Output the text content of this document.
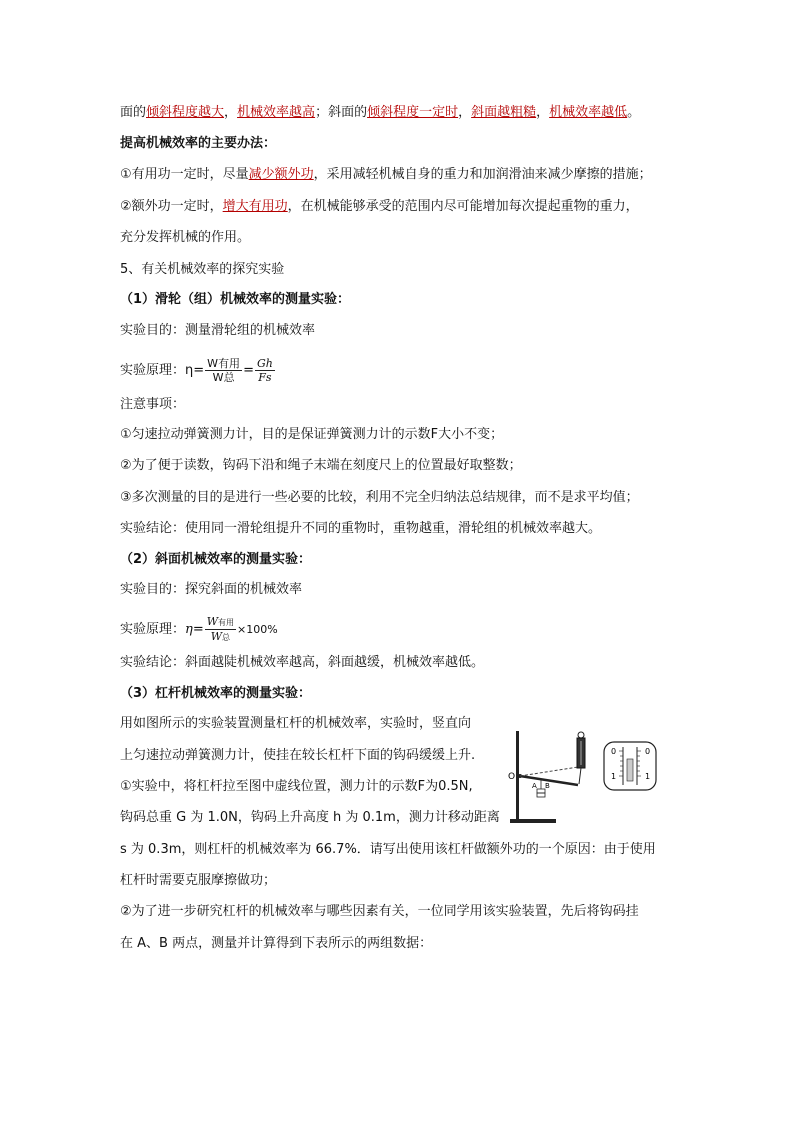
面的倾斜程度越大，机械效率越高；斜面的倾斜程度一定时，斜面越粗糙，机械效率越低。
提高机械效率的主要办法：
①有用功一定时，尽量减少额外功，采用减轻机械自身的重力和加润滑油来减少摩擦的措施；
②额外功一定时，增大有用功，在机械能够承受的范围内尽可能增加每次提起重物的重力，
充分发挥机械的作用。
5、有关机械效率的探究实验
（1）滑轮（组）机械效率的测量实验：
实验目的：测量滑轮组的机械效率
实验原理：$\eta= \frac{\text{W有用}}{\text{W总}} = \frac{Gh}{Fs}$
注意事项：
①匀速拉动弹簧测力计，目的是保证弹簧测力计的示数F大小不变；
②为了便于读数，钩码下沿和绳子末端在刻度尺上的位置最好取整数；
③多次测量的目的是进行一些必要的比较，利用不完全归纳法总结规律，而不是求平均值；
实验结论：使用同一滑轮组提升不同的重物时，重物越重，滑轮组的机械效率越大。
（2）斜面机械效率的测量实验：
实验目的：探究斜面的机械效率
实验原理：$\eta= \frac{\text{W有用}}{\text{W总}} \times 100\%$
实验结论：斜面越陡机械效率越高，斜面越缓，机械效率越低。
（3）杠杆机械效率的测量实验：
用如图所示的实验装置测量杠杆的机械效率，实验时，竖直向
上匀速拉动弹簧测力计，使挂在较长杠杆下面的钩码缓缓上升.
①实验中，将杠杆拉至图中虚线位置，测力计的示数F为0.5N,
钩码总重 G 为 1.0N，钩码上升高度 h 为 0.1m，测力计移动距离
s 为 0.3m，则杠杆的机械效率为 66.7%．请写出使用该杠杆做额外功的一个原因：由于使用
杠杆时需要克服摩擦做功；
②为了进一步研究杠杆的机械效率与哪些因素有关，一位同学用该实验装置，先后将钩码挂
在 A、B 两点，测量并计算得到下表所示的两组数据：
O
A B
0	0
1	1
